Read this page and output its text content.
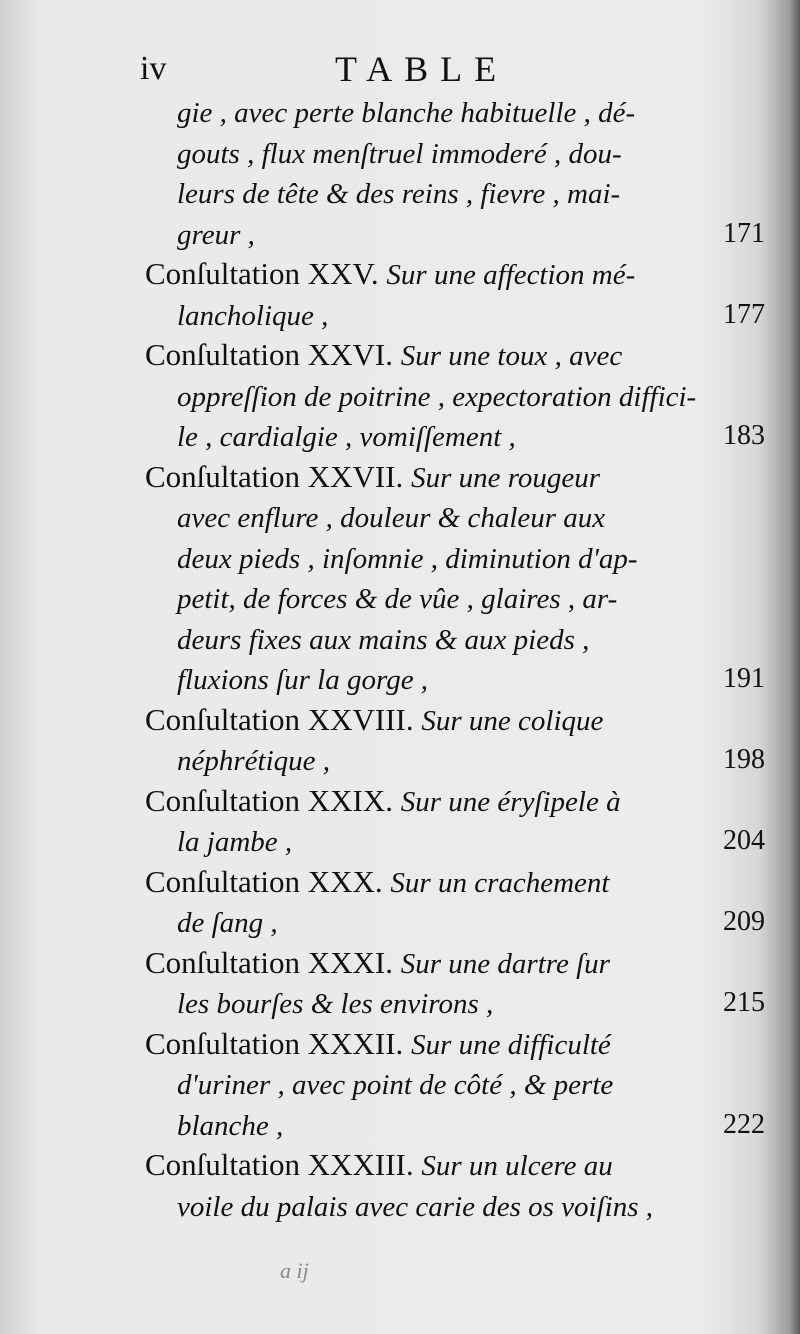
iv	TABLE
gie , avec perte blanche habituelle , dé-
gouts , flux menſtruel immoderé , dou-
leurs de tête & des reins , fievre , mai-
greur ,	171
Conſultation XXV. Sur une affection mé-
lancholique ,	177
Conſultation XXVI. Sur une toux , avec
oppreſſion de poitrine , expectoration diffici-
le , cardialgie , vomiſſement ,	183
Conſultation XXVII. Sur une rougeur
avec enflure , douleur & chaleur aux
deux pieds , inſomnie , diminution d'ap-
petit, de forces & de vûe , glaires , ar-
deurs fixes aux mains & aux pieds ,
fluxions ſur la gorge ,	191
Conſultation XXVIII. Sur une colique
néphrétique ,	198
Conſultation XXIX. Sur une éryſipele à
la jambe ,	204
Conſultation XXX. Sur un crachement
de ſang ,	209
Conſultation XXXI. Sur une dartre ſur
les bourſes & les environs ,	215
Conſultation XXXII. Sur une difficulté
d'uriner , avec point de côté , & perte
blanche ,	222
Conſultation XXXIII. Sur un ulcere au
voile du palais avec carie des os voiſins ,
a ij
